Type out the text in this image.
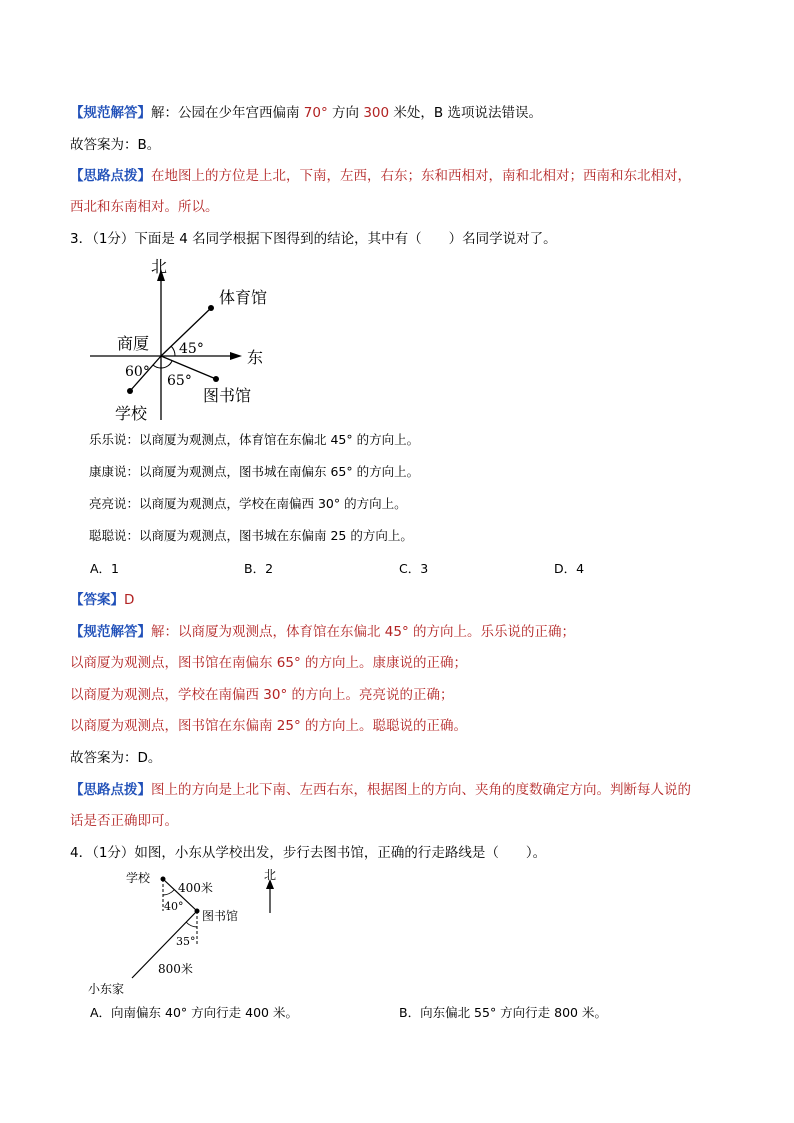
【规范解答】解：公园在少年宫西偏南 70° 方向 300 米处，B 选项说法错误。
故答案为：B。
【思路点拨】在地图上的方位是上北，下南，左西，右东；东和西相对，南和北相对；西南和东北相对，
西北和东南相对。所以。
3．（1分）下面是 4 名同学根据下图得到的结论，其中有（　　）名同学说对了。
北
东
商厦
体育馆
图书馆
学校
45°
60°
65°
乐乐说：以商厦为观测点，体育馆在东偏北 45° 的方向上。
康康说：以商厦为观测点，图书城在南偏东 65° 的方向上。
亮亮说：以商厦为观测点，学校在南偏西 30° 的方向上。
聪聪说：以商厦为观测点，图书城在东偏南 25 的方向上。
A．1	B．2	C．3	D．4
【答案】D
【规范解答】解：以商厦为观测点，体育馆在东偏北 45° 的方向上。乐乐说的正确；
以商厦为观测点，图书馆在南偏东 65° 的方向上。康康说的正确；
以商厦为观测点，学校在南偏西 30° 的方向上。亮亮说的正确；
以商厦为观测点，图书馆在东偏南 25° 的方向上。聪聪说的正确。
故答案为：D。
【思路点拨】图上的方向是上北下南、左西右东，根据图上的方向、夹角的度数确定方向。判断每人说的
话是否正确即可。
4．（1分）如图，小东从学校出发，步行去图书馆，正确的行走路线是（　　）。
学校
400米
40°
图书馆
35°
800米
小东家
北
A．向南偏东 40° 方向行走 400 米。	B．向东偏北 55° 方向行走 800 米。
